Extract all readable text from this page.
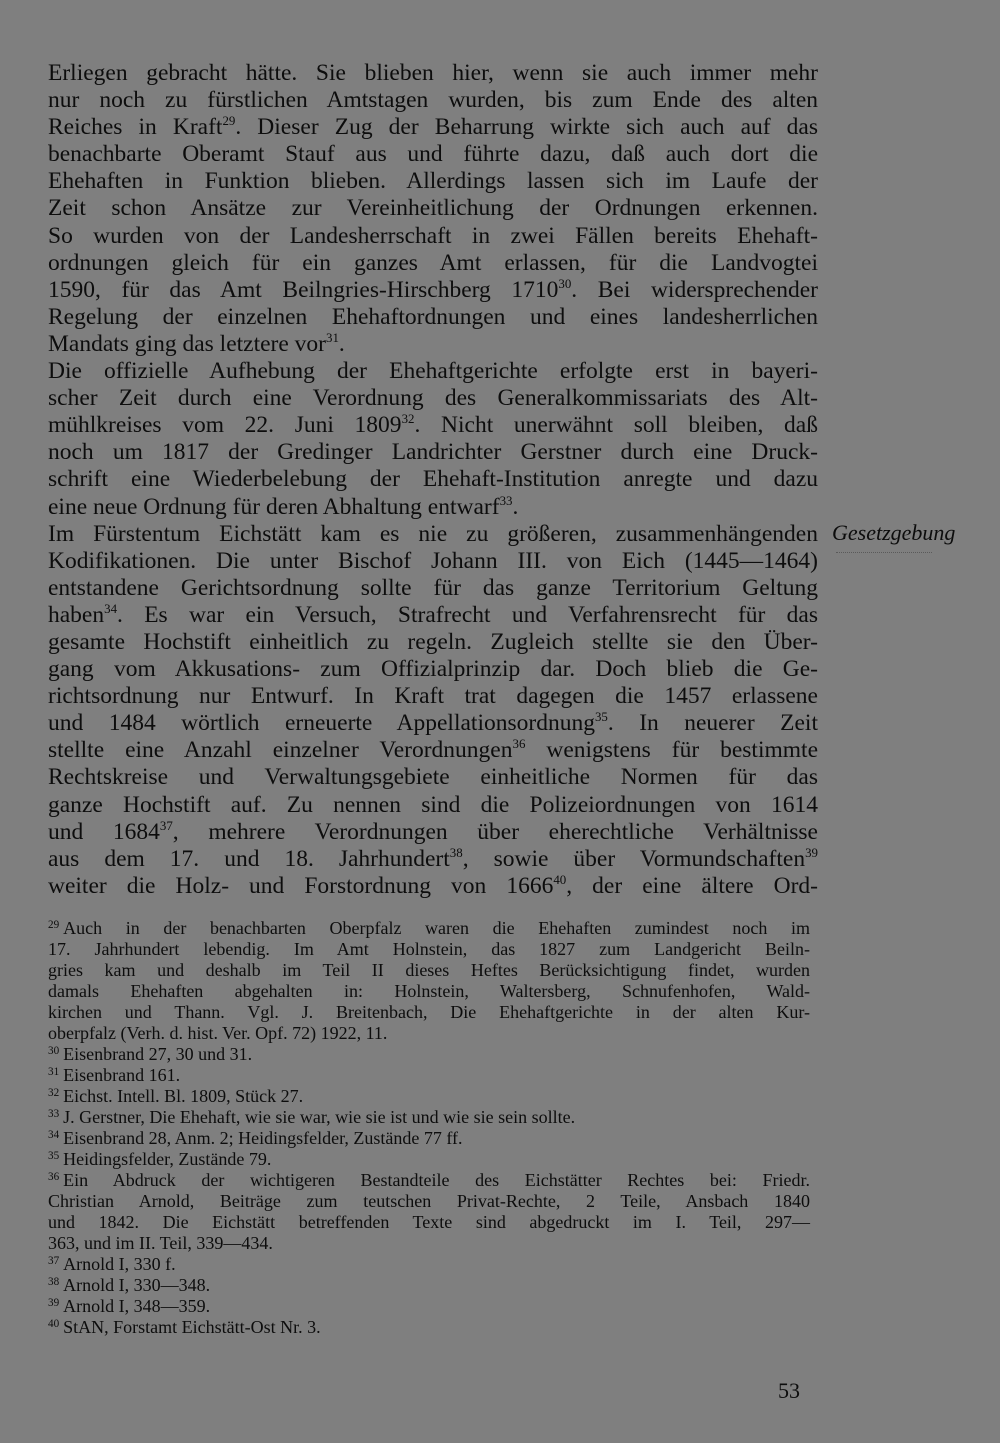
Erliegen gebracht hätte. Sie blieben hier, wenn sie auch immer mehr
nur noch zu fürstlichen Amtstagen wurden, bis zum Ende des alten
Reiches in Kraft$^{29}$. Dieser Zug der Beharrung wirkte sich auch auf das
benachbarte Oberamt Stauf aus und führte dazu, daß auch dort die
Ehehaften in Funktion blieben. Allerdings lassen sich im Laufe der
Zeit schon Ansätze zur Vereinheitlichung der Ordnungen erkennen.
So wurden von der Landesherrschaft in zwei Fällen bereits Ehehaft-
ordnungen gleich für ein ganzes Amt erlassen, für die Landvogtei
1590, für das Amt Beilngries-Hirschberg 1710$^{30}$. Bei widersprechender
Regelung der einzelnen Ehehaftordnungen und eines landesherrlichen
Mandats ging das letztere vor$^{31}$.
Die offizielle Aufhebung der Ehehaftgerichte erfolgte erst in bayeri-
scher Zeit durch eine Verordnung des Generalkommissariats des Alt-
mühlkreises vom 22. Juni 1809$^{32}$. Nicht unerwähnt soll bleiben, daß
noch um 1817 der Gredinger Landrichter Gerstner durch eine Druck-
schrift eine Wiederbelebung der Ehehaft-Institution anregte und dazu
eine neue Ordnung für deren Abhaltung entwarf$^{33}$.
Im Fürstentum Eichstätt kam es nie zu größeren, zusammenhängenden
Kodifikationen. Die unter Bischof Johann III. von Eich (1445—1464)
entstandene Gerichtsordnung sollte für das ganze Territorium Geltung
haben$^{34}$. Es war ein Versuch, Strafrecht und Verfahrensrecht für das
gesamte Hochstift einheitlich zu regeln. Zugleich stellte sie den Über-
gang vom Akkusations- zum Offizialprinzip dar. Doch blieb die Ge-
richtsordnung nur Entwurf. In Kraft trat dagegen die 1457 erlassene
und 1484 wörtlich erneuerte Appellationsordnung$^{35}$. In neuerer Zeit
stellte eine Anzahl einzelner Verordnungen$^{36}$ wenigstens für bestimmte
Rechtskreise und Verwaltungsgebiete einheitliche Normen für das
ganze Hochstift auf. Zu nennen sind die Polizeiordnungen von 1614
und 1684$^{37}$, mehrere Verordnungen über eherechtliche Verhältnisse
aus dem 17. und 18. Jahrhundert$^{38}$, sowie über Vormundschaften$^{39}$
weiter die Holz- und Forstordnung von 1666$^{40}$, der eine ältere Ord-
Gesetzgebung
$^{29}$ Auch in der benachbarten Oberpfalz waren die Ehehaften zumindest noch im
17. Jahrhundert lebendig. Im Amt Holnstein, das 1827 zum Landgericht Beiln-
gries kam und deshalb im Teil II dieses Heftes Berücksichtigung findet, wurden
damals Ehehaften abgehalten in: Holnstein, Waltersberg, Schnufenhofen, Wald-
kirchen und Thann. Vgl. J. Breitenbach, Die Ehehaftgerichte in der alten Kur-
oberpfalz (Verh. d. hist. Ver. Opf. 72) 1922, 11.
$^{30}$ Eisenbrand 27, 30 und 31.
$^{31}$ Eisenbrand 161.
$^{32}$ Eichst. Intell. Bl. 1809, Stück 27.
$^{33}$ J. Gerstner, Die Ehehaft, wie sie war, wie sie ist und wie sie sein sollte.
$^{34}$ Eisenbrand 28, Anm. 2; Heidingsfelder, Zustände 77 ff.
$^{35}$ Heidingsfelder, Zustände 79.
$^{36}$ Ein Abdruck der wichtigeren Bestandteile des Eichstätter Rechtes bei: Friedr.
Christian Arnold, Beiträge zum teutschen Privat-Rechte, 2 Teile, Ansbach 1840
und 1842. Die Eichstätt betreffenden Texte sind abgedruckt im I. Teil, 297—
363, und im II. Teil, 339—434.
$^{37}$ Arnold I, 330 f.
$^{38}$ Arnold I, 330—348.
$^{39}$ Arnold I, 348—359.
$^{40}$ StAN, Forstamt Eichstätt-Ost Nr. 3.
53
